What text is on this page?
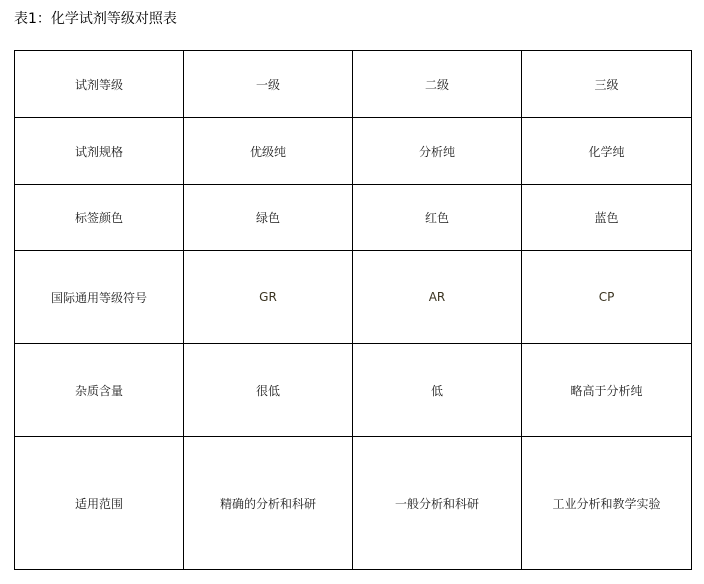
表1：化学试剂等级对照表
试剂等级	一级	二级	三级
试剂规格	优级纯	分析纯	化学纯
标签颜色	绿色	红色	蓝色
国际通用等级符号	GR	AR	CP
杂质含量	很低	低	略高于分析纯
适用范围	精确的分析和科研	一般分析和科研	工业分析和教学实验
